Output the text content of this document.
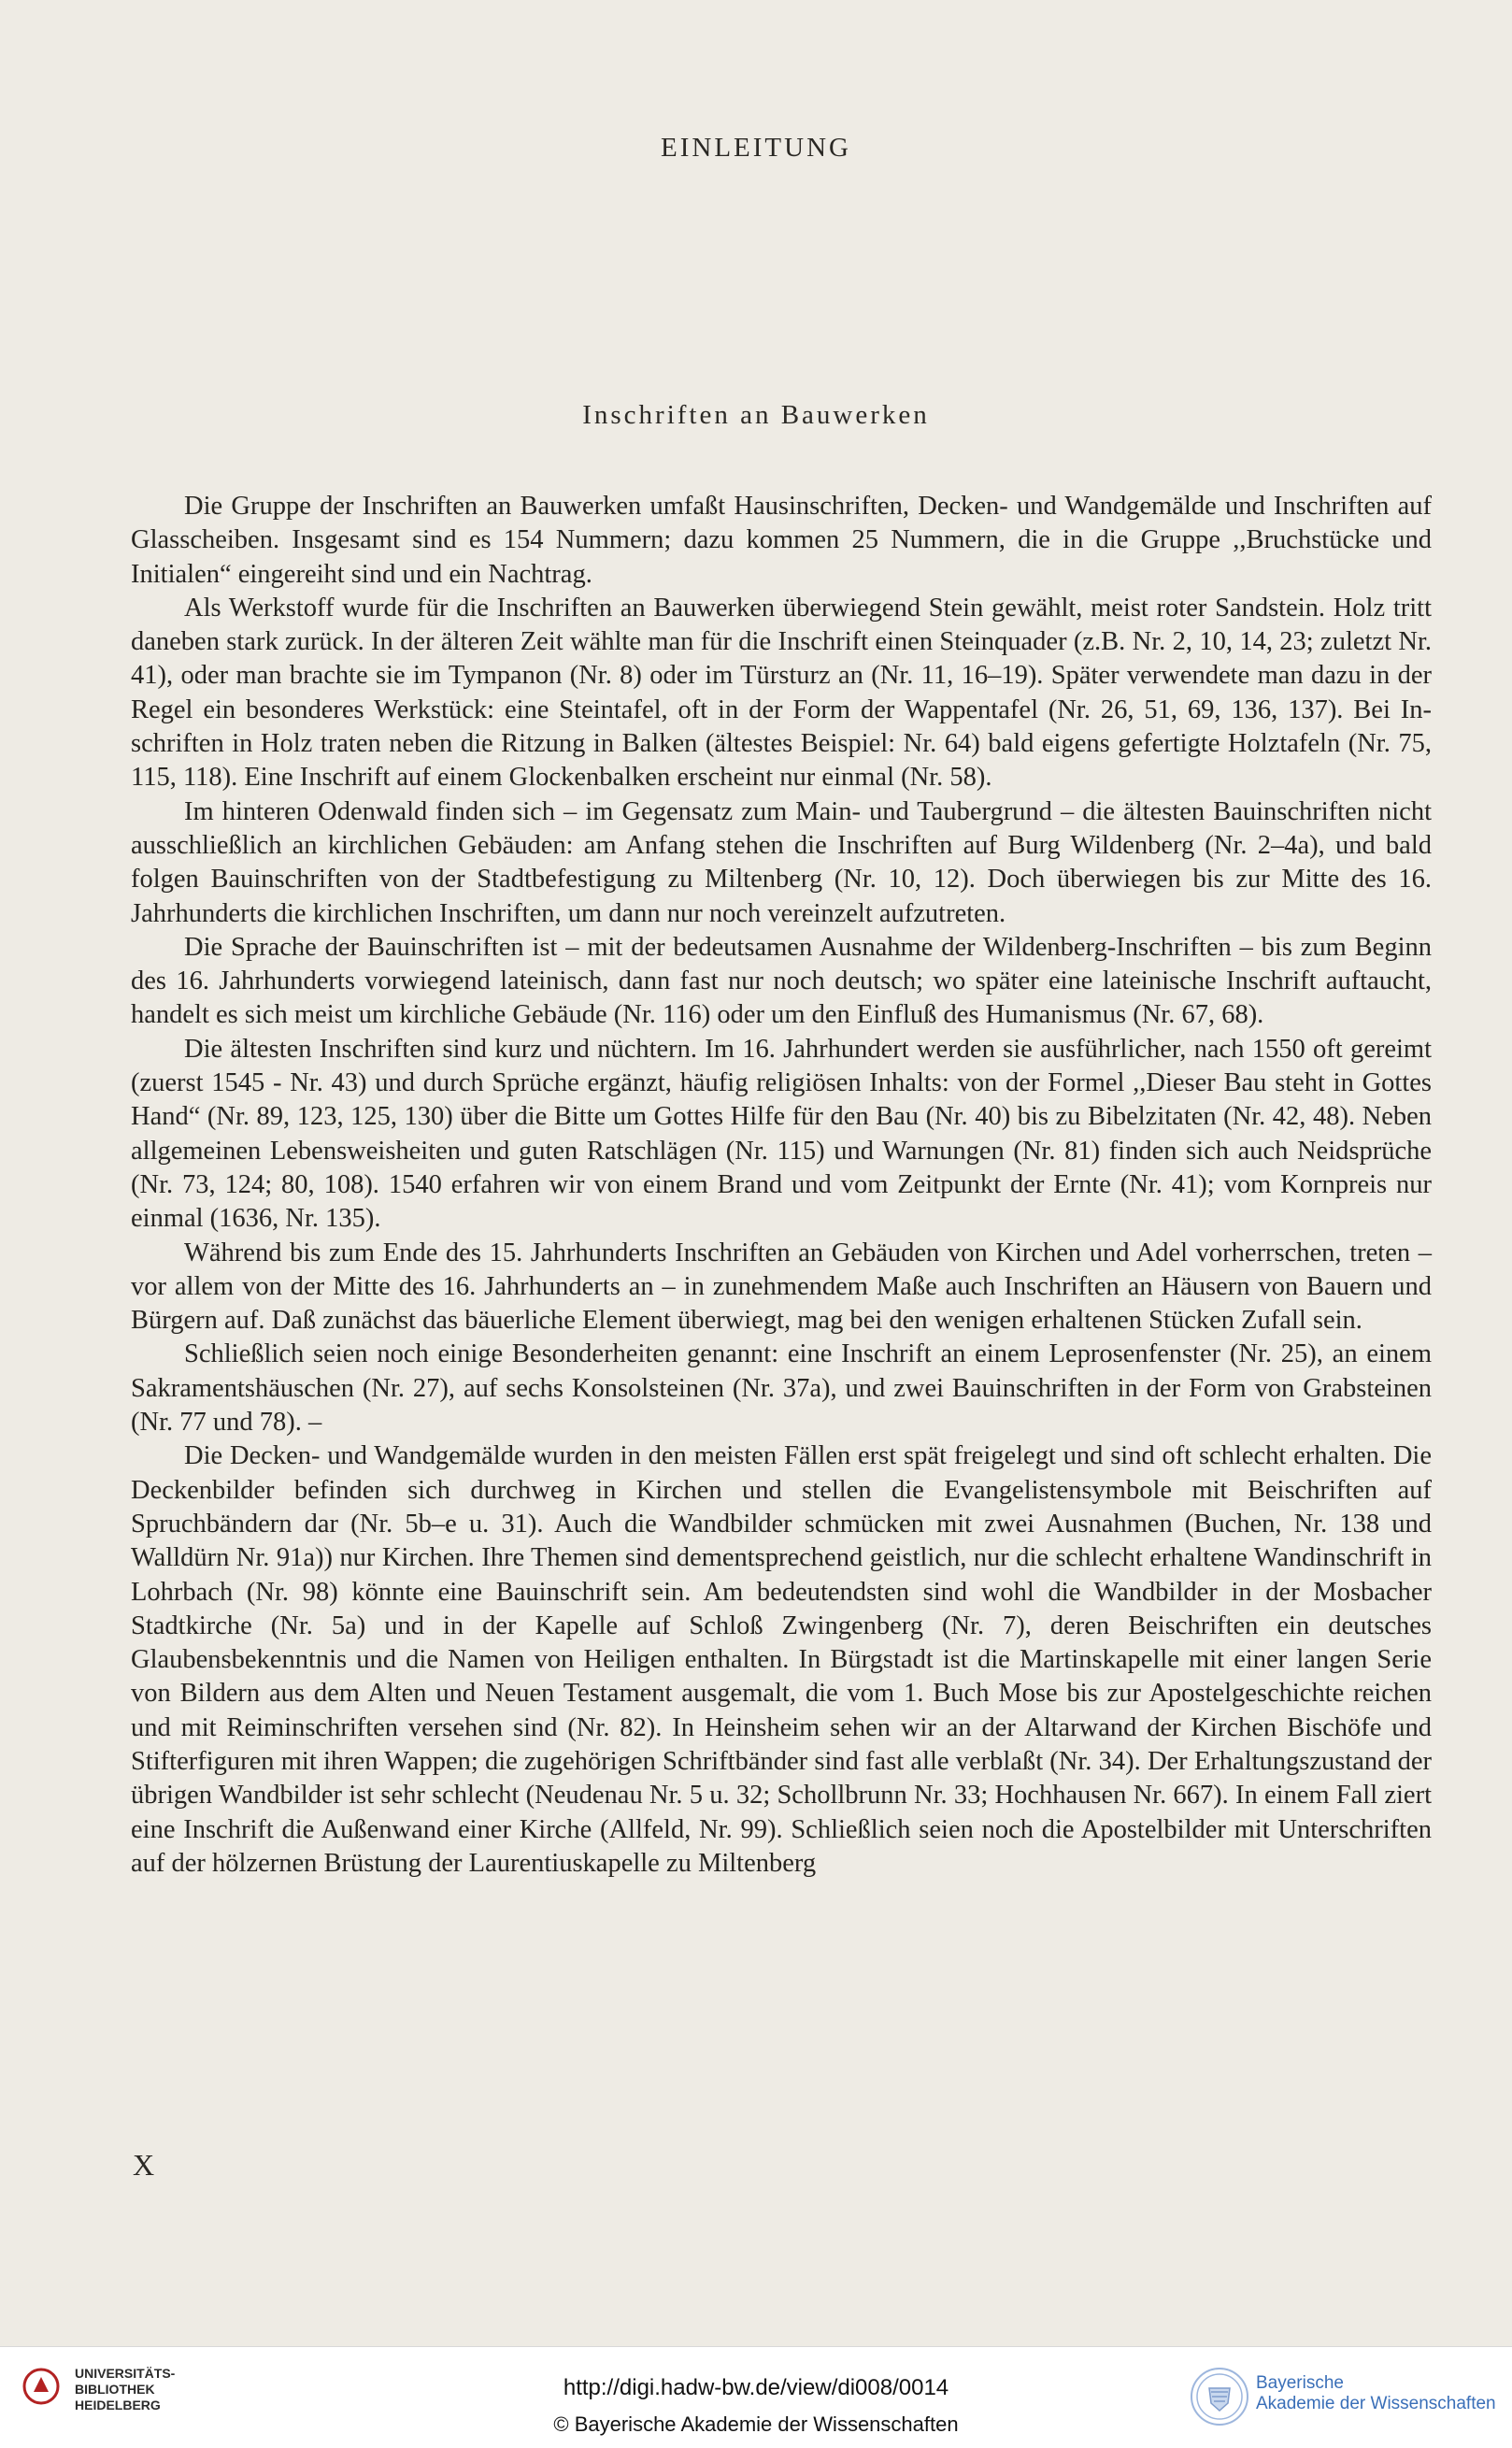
EINLEITUNG
Inschriften an Bauwerken

Die Gruppe der Inschriften an Bauwerken umfaßt Hausinschriften, Decken- und Wandgemälde und Inschriften auf Glasscheiben. Insgesamt sind es 154 Nummern; dazu kommen 25 Nummern, die in die Gruppe ,,Bruchstücke und Initialen“ eingereiht sind und ein Nachtrag.

Als Werkstoff wurde für die Inschriften an Bauwerken überwiegend Stein gewählt, meist roter Sandstein. Holz tritt daneben stark zurück. In der älteren Zeit wählte man für die Inschrift einen Steinquader (z.B. Nr. 2, 10, 14, 23; zuletzt Nr. 41), oder man brachte sie im Tympanon (Nr. 8) oder im Türsturz an (Nr. 11, 16–19). Später verwendete man dazu in der Regel ein besonderes Werkstück: eine Steintafel, oft in der Form der Wappentafel (Nr. 26, 51, 69, 136, 137). Bei Inschriften in Holz traten neben die Ritzung in Balken (ältestes Beispiel: Nr. 64) bald eigens gefertigte Holztafeln (Nr. 75, 115, 118). Eine Inschrift auf einem Glockenbalken erscheint nur einmal (Nr. 58).

Im hinteren Odenwald finden sich – im Gegensatz zum Main- und Taubergrund – die ältesten Bauinschriften nicht ausschließlich an kirchlichen Gebäuden: am Anfang stehen die Inschriften auf Burg Wildenberg (Nr. 2–4a), und bald folgen Bauinschriften von der Stadtbefestigung zu Miltenberg (Nr. 10, 12). Doch überwiegen bis zur Mitte des 16. Jahrhunderts die kirchlichen Inschriften, um dann nur noch vereinzelt aufzutreten.

Die Sprache der Bauinschriften ist – mit der bedeutsamen Ausnahme der Wildenberg-Inschriften – bis zum Beginn des 16. Jahrhunderts vorwiegend lateinisch, dann fast nur noch deutsch; wo später eine lateinische Inschrift auftaucht, handelt es sich meist um kirchliche Gebäude (Nr. 116) oder um den Einfluß des Humanismus (Nr. 67, 68).

Die ältesten Inschriften sind kurz und nüchtern. Im 16. Jahrhundert werden sie ausführlicher, nach 1550 oft gereimt (zuerst 1545 - Nr. 43) und durch Sprüche ergänzt, häufig religiösen Inhalts: von der Formel ,,Dieser Bau steht in Gottes Hand“ (Nr. 89, 123, 125, 130) über die Bitte um Gottes Hilfe für den Bau (Nr. 40) bis zu Bibelzitaten (Nr. 42, 48). Neben allgemeinen Lebensweisheiten und guten Ratschlägen (Nr. 115) und Warnungen (Nr. 81) finden sich auch Neidsprüche (Nr. 73, 124; 80, 108). 1540 erfahren wir von einem Brand und vom Zeitpunkt der Ernte (Nr. 41); vom Kornpreis nur einmal (1636, Nr. 135).

Während bis zum Ende des 15. Jahrhunderts Inschriften an Gebäuden von Kirchen und Adel vorherrschen, treten – vor allem von der Mitte des 16. Jahrhunderts an – in zunehmendem Maße auch Inschriften an Häusern von Bauern und Bürgern auf. Daß zunächst das bäuerliche Element überwiegt, mag bei den wenigen erhaltenen Stücken Zufall sein.

Schließlich seien noch einige Besonderheiten genannt: eine Inschrift an einem Leprosenfenster (Nr. 25), an einem Sakramentshäuschen (Nr. 27), auf sechs Konsolsteinen (Nr. 37a), und zwei Bauinschriften in der Form von Grabsteinen (Nr. 77 und 78). –

Die Decken- und Wandgemälde wurden in den meisten Fällen erst spät freigelegt und sind oft schlecht erhalten. Die Deckenbilder befinden sich durchweg in Kirchen und stellen die Evangelistensymbole mit Beischriften auf Spruchbändern dar (Nr. 5b–e u. 31). Auch die Wandbilder schmücken mit zwei Ausnahmen (Buchen, Nr. 138 und Walldürn Nr. 91a)) nur Kirchen. Ihre Themen sind dementsprechend geistlich, nur die schlecht erhaltene Wandinschrift in Lohrbach (Nr. 98) könnte eine Bauinschrift sein. Am bedeutendsten sind wohl die Wandbilder in der Mosbacher Stadtkirche (Nr. 5a) und in der Kapelle auf Schloß Zwingenberg (Nr. 7), deren Beischriften ein deutsches Glaubensbekenntnis und die Namen von Heiligen enthalten. In Bürgstadt ist die Martinskapelle mit einer langen Serie von Bildern aus dem Alten und Neuen Testament ausgemalt, die vom 1. Buch Mose bis zur Apostelgeschichte reichen und mit Reiminschriften versehen sind (Nr. 82). In Heinsheim sehen wir an der Altarwand der Kirchen Bischöfe und Stifterfiguren mit ihren Wappen; die zugehörigen Schriftbänder sind fast alle verblaßt (Nr. 34). Der Erhaltungszustand der übrigen Wandbilder ist sehr schlecht (Neudenau Nr. 5 u. 32; Schollbrunn Nr. 33; Hochhausen Nr. 667). In einem Fall ziert eine Inschrift die Außenwand einer Kirche (Allfeld, Nr. 99). Schließlich seien noch die Apostelbilder mit Unterschriften auf der hölzernen Brüstung der Laurentiuskapelle zu Miltenberg

X
UNIVERSITÄTS-
BIBLIOTHEK
HEIDELBERG
http://digi.hadw-bw.de/view/di008/0014
© Bayerische Akademie der Wissenschaften
Bayerische
Akademie der Wissenschaften
